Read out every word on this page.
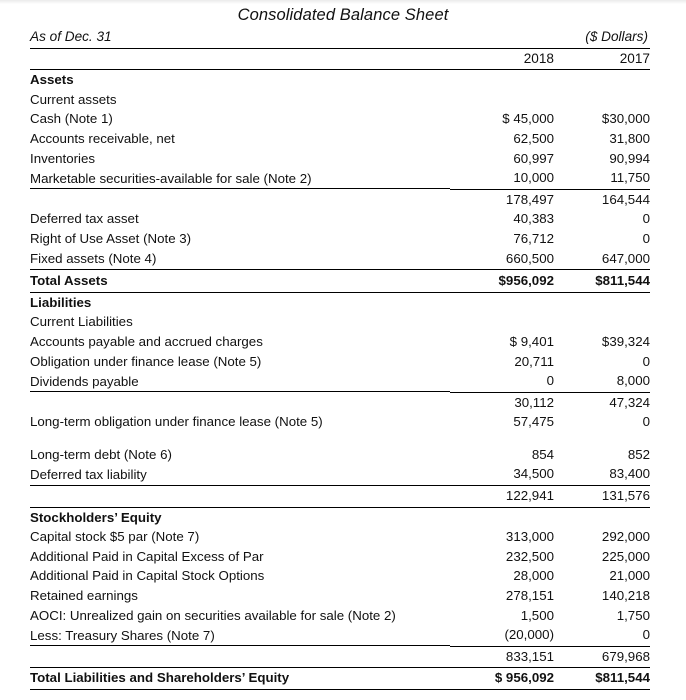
Consolidated Balance Sheet
As of Dec. 31		($ Dollars)
	2018	2017
Assets		
Current assets		
Cash (Note 1)	$ 45,000	$30,000
Accounts receivable, net	62,500	31,800
Inventories	60,997	90,994

Marketable securities-available for sale (Note 2)	10,000	11,750
	178,497	164,544
Deferred tax asset	40,383	0
Right of Use Asset (Note 3)	76,712	0
Fixed assets (Note 4)	660,500	647,000
Total Assets	$956,092	$811,544
Liabilities		
Current Liabilities		
Accounts payable and accrued charges	$ 9,401	$39,324
Obligation under finance lease (Note 5)	20,711	0

Dividends payable	0	8,000
	30,112	47,324
Long-term obligation under finance lease (Note 5)	57,475	0

Long-term debt (Note 6)	854	852

Deferred tax liability	34,500	83,400
	122,941	131,576
Stockholders’ Equity		
Capital stock $5 par (Note 7)	313,000	292,000
Additional Paid in Capital Excess of Par	232,500	225,000
Additional Paid in Capital Stock Options	28,000	21,000
Retained earnings	278,151	140,218
AOCI: Unrealized gain on securities available for sale (Note 2)	1,500	1,750

Less: Treasury Shares (Note 7)	(20,000)	0
	833,151	679,968
Total Liabilities and Shareholders’ Equity	$ 956,092	$811,544
